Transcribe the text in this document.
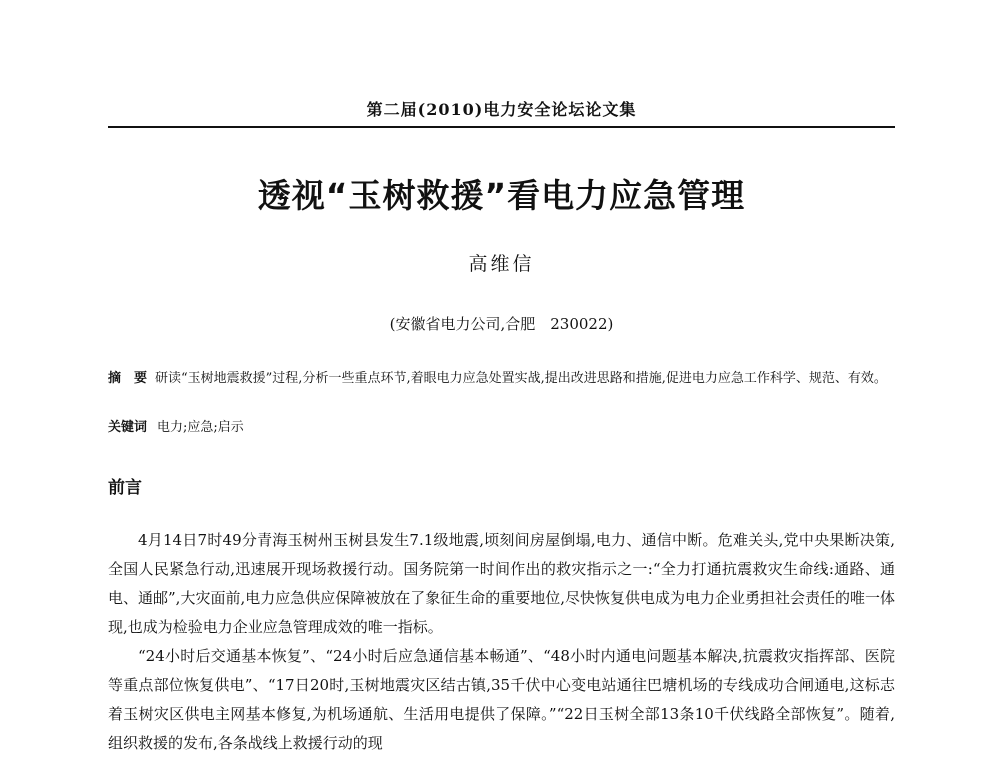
第二届(2010)电力安全论坛论文集
透视“玉树救援”看电力应急管理
高维信
(安徽省电力公司,合肥　230022)
摘　要 研读“玉树地震救援”过程,分析一些重点环节,着眼电力应急处置实战,提出改进思路和措施,促进电力应急工作科学、规范、有效。
关键词 电力;应急;启示
前言

4月14日7时49分青海玉树州玉树县发生7.1级地震,顷刻间房屋倒塌,电力、通信中断。危难关头,党中央果断决策,全国人民紧急行动,迅速展开现场救援行动。国务院第一时间作出的救灾指示之一:“全力打通抗震救灾生命线:通路、通电、通邮”,大灾面前,电力应急供应保障被放在了象征生命的重要地位,尽快恢复供电成为电力企业勇担社会责任的唯一体现,也成为检验电力企业应急管理成效的唯一指标。

“24小时后交通基本恢复”、“24小时后应急通信基本畅通”、“48小时内通电问题基本解决,抗震救灾指挥部、医院等重点部位恢复供电”、“17日20时,玉树地震灾区结古镇,35千伏中心变电站通往巴塘机场的专线成功合闸通电,这标志着玉树灾区供电主网基本修复,为机场通航、生活用电提供了保障。”“22日玉树全部13条10千伏线路全部恢复”。随着,组织救援的发布,各条战线上救援行动的现
